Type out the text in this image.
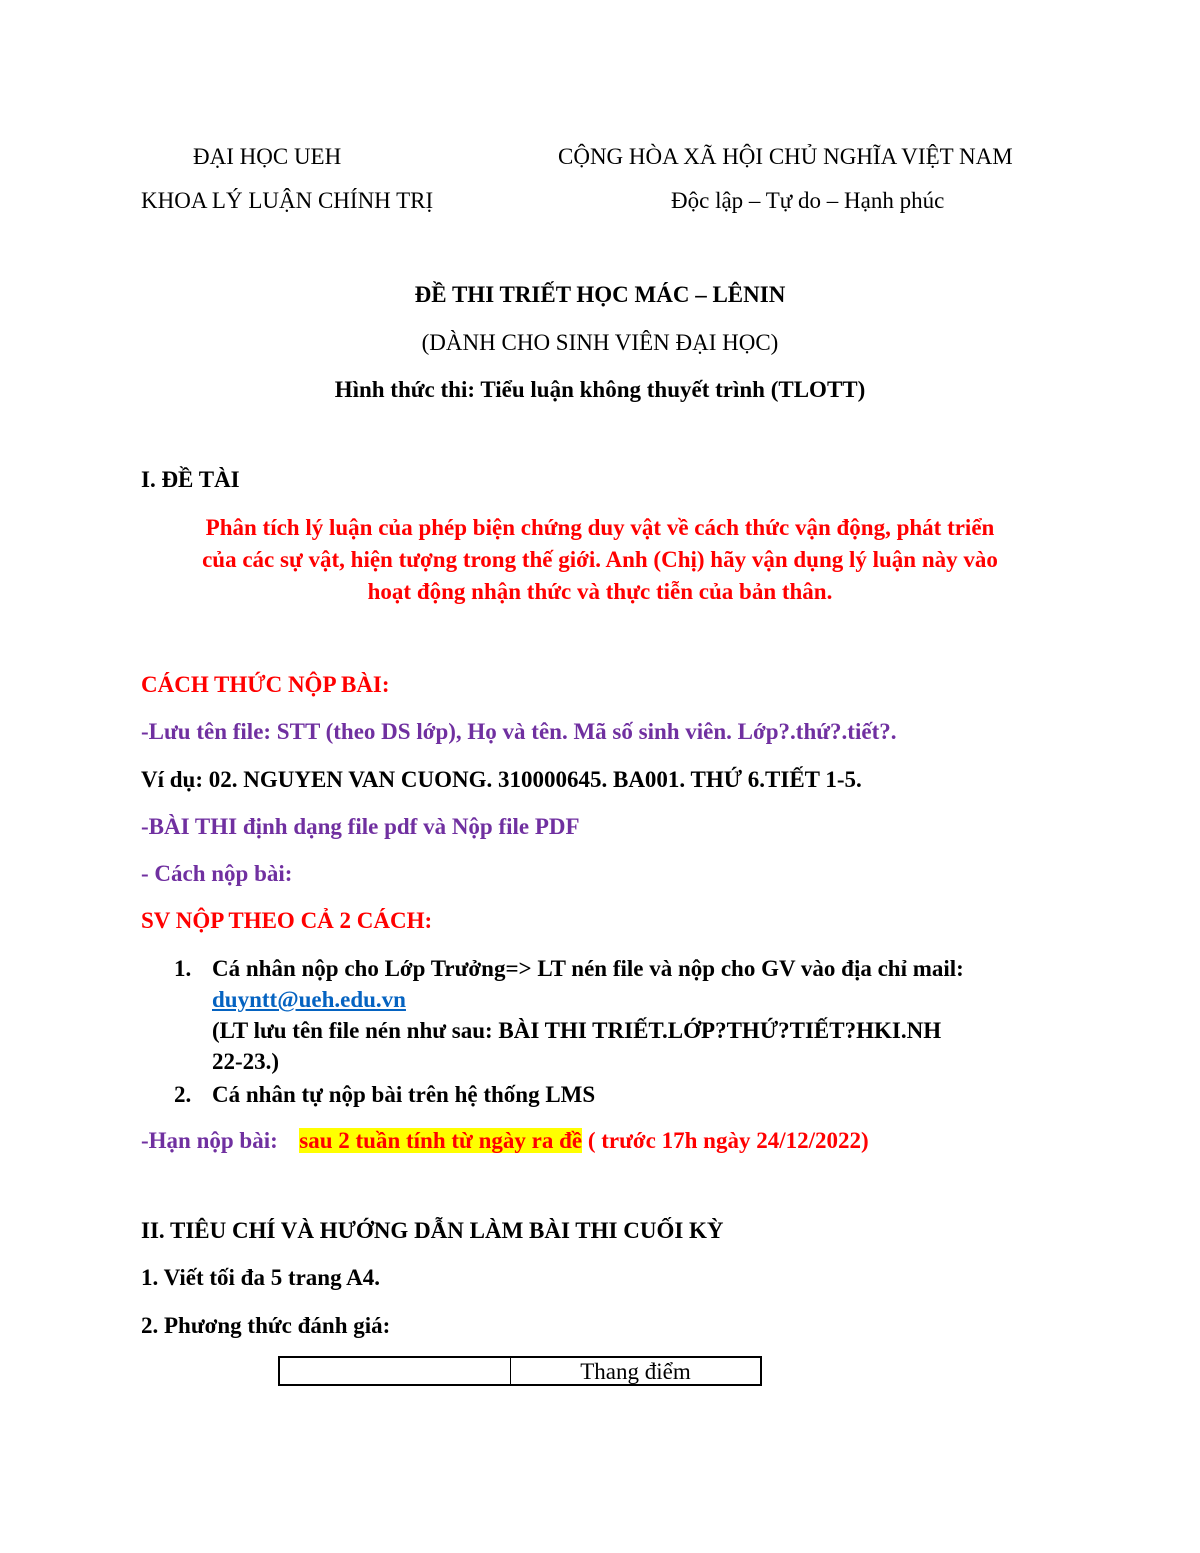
ĐẠI HỌC UEH
KHOA LÝ LUẬN CHÍNH TRỊ
CỘNG HÒA XÃ HỘI CHỦ NGHĨA VIỆT NAM
Độc lập – Tự do – Hạnh phúc
ĐỀ THI TRIẾT HỌC MÁC – LÊNIN
(DÀNH CHO SINH VIÊN ĐẠI HỌC)
Hình thức thi: Tiểu luận không thuyết trình (TLOTT)
I. ĐỀ TÀI
Phân tích lý luận của phép biện chứng duy vật về cách thức vận động, phát triển
của các sự vật, hiện tượng trong thế giới. Anh (Chị) hãy vận dụng lý luận này vào
hoạt động nhận thức và thực tiễn của bản thân.
CÁCH THỨC NỘP BÀI:
-Lưu tên file: STT (theo DS lớp), Họ và tên. Mã số sinh viên. Lớp?.thứ?.tiết?.
Ví dụ: 02. NGUYEN VAN CUONG. 310000645. BA001. THỨ 6.TIẾT 1-5.
-BÀI THI định dạng file pdf và Nộp file PDF
- Cách nộp bài:
SV NỘP THEO CẢ 2 CÁCH:
1. Cá nhân nộp cho Lớp Trưởng=> LT nén file và nộp cho GV vào địa chỉ mail:
duyntt@ueh.edu.vn
(LT lưu tên file nén như sau: BÀI THI TRIẾT.LỚP?THỨ?TIẾT?HKI.NH
22-23.)
2. Cá nhân tự nộp bài trên hệ thống LMS
-Hạn nộp bài: sau 2 tuần tính từ ngày ra đề ( trước 17h ngày 24/12/2022)
II. TIÊU CHÍ VÀ HƯỚNG DẪN LÀM BÀI THI CUỐI KỲ
1. Viết tối đa 5 trang A4.
2. Phương thức đánh giá:
Thang điểm
